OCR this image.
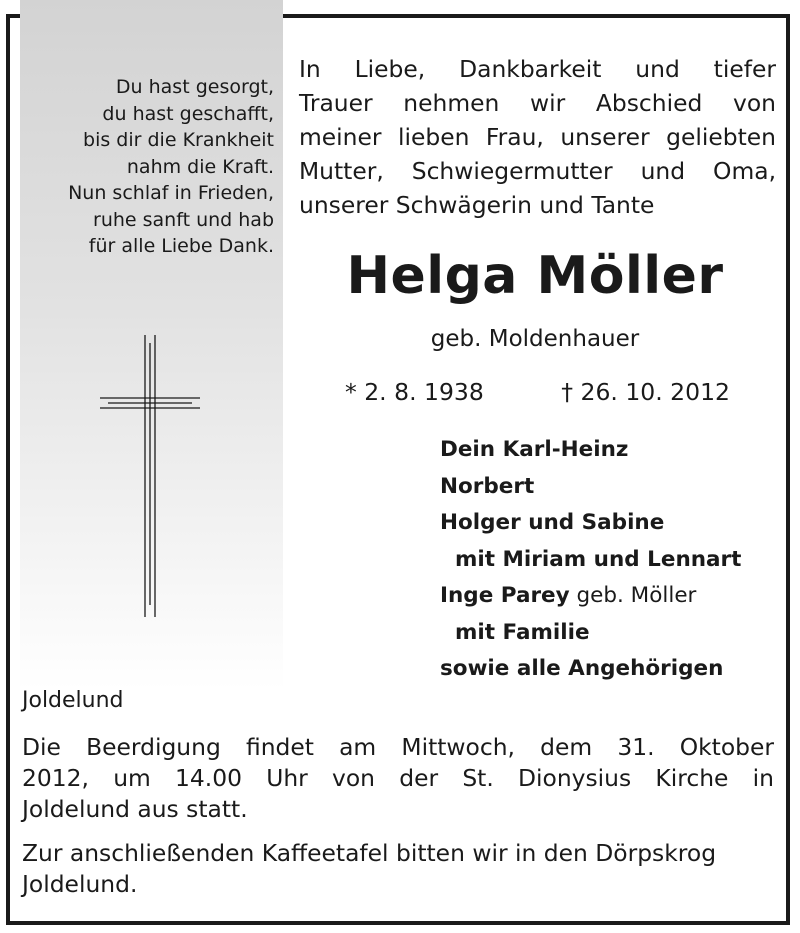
Du hast gesorgt,
du hast geschafft,
bis dir die Krankheit
nahm die Kraft.
Nun schlaf in Frieden,
ruhe sanft und hab
für alle Liebe Dank.
In Liebe, Dankbarkeit und tiefer
Trauer nehmen wir Abschied von
meiner lieben Frau, unserer geliebten
Mutter, Schwiegermutter und Oma,
unserer Schwägerin und Tante
Helga Möller
geb. Moldenhauer
* 2. 8. 1938	† 26. 10. 2012
Dein Karl-Heinz
Norbert
Holger und Sabine
mit Miriam und Lennart
Inge Parey geb. Möller
mit Familie
sowie alle Angehörigen
Joldelund
Die Beerdigung findet am Mittwoch, dem 31. Oktober
2012, um 14.00 Uhr von der St. Dionysius Kirche in
Joldelund aus statt.
Zur anschließenden Kaffeetafel bitten wir in den Dörpskrog
Joldelund.
